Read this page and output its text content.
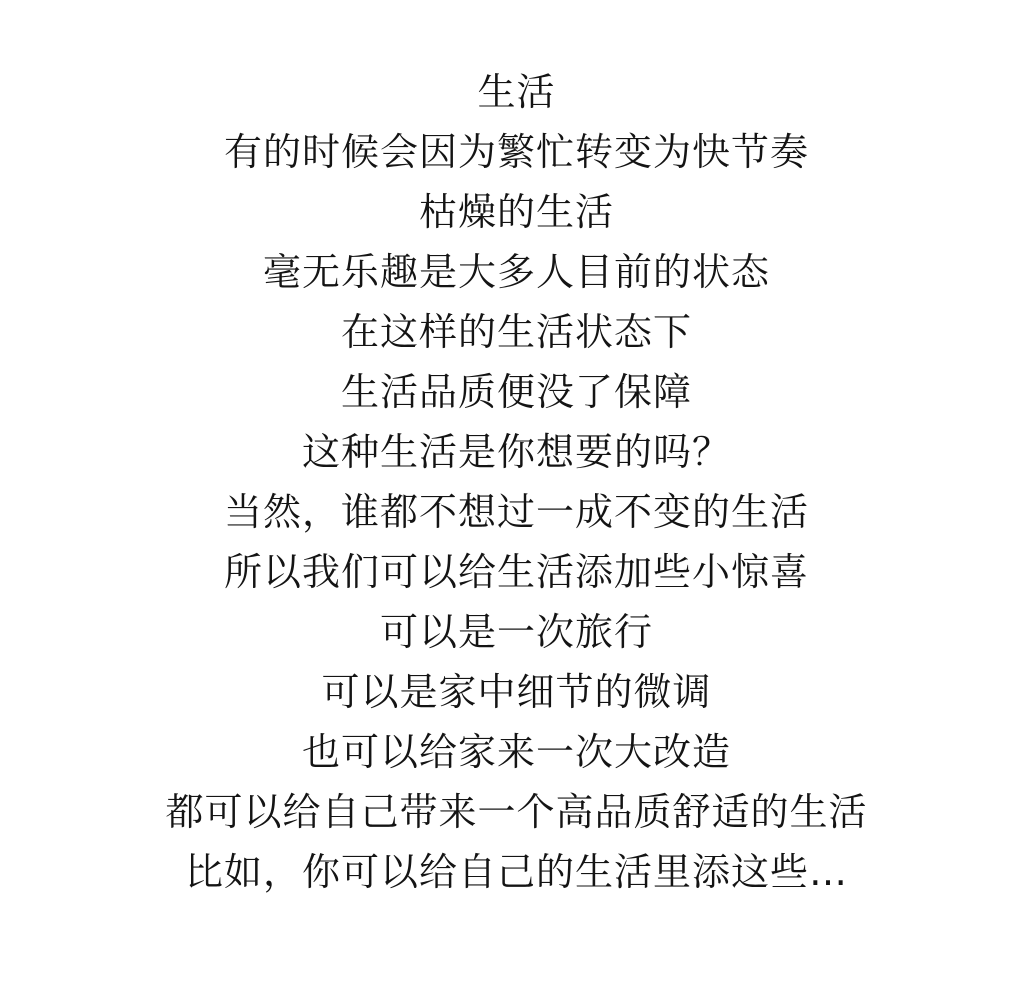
生活
有的时候会因为繁忙转变为快节奏
枯燥的生活
毫无乐趣是大多人目前的状态
在这样的生活状态下
生活品质便没了保障
这种生活是你想要的吗？
当然，谁都不想过一成不变的生活
所以我们可以给生活添加些小惊喜
可以是一次旅行
可以是家中细节的微调
也可以给家来一次大改造
都可以给自己带来一个高品质舒适的生活
比如，你可以给自己的生活里添这些…
